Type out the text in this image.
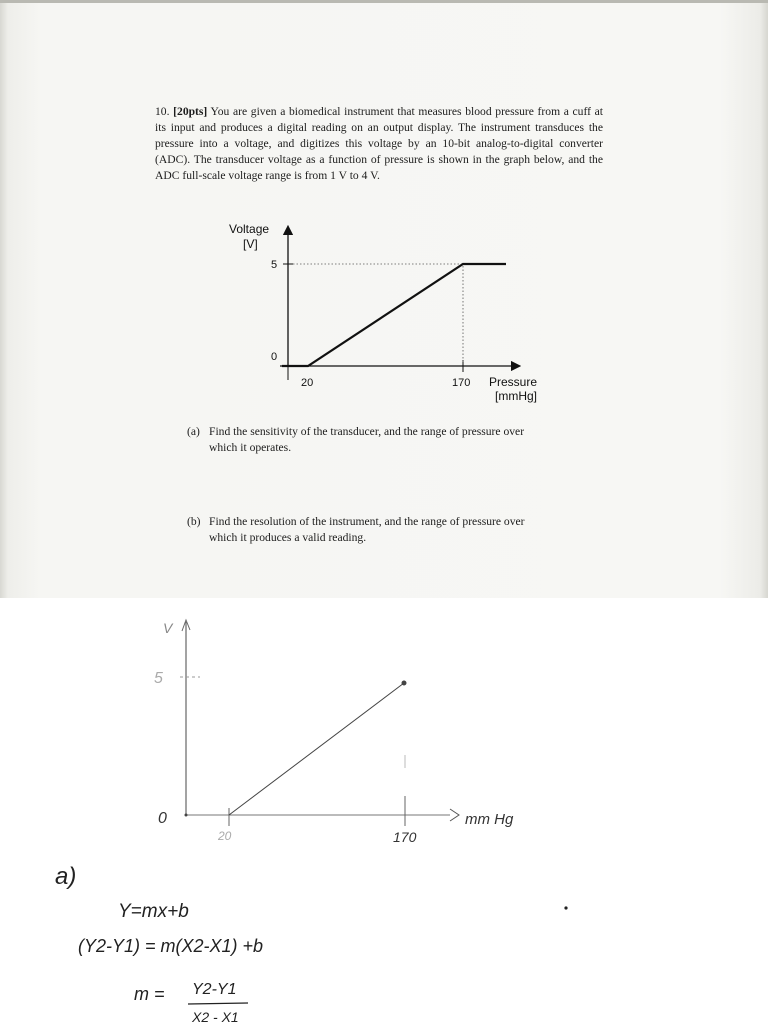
10. [20pts] You are given a biomedical instrument that measures blood pressure from a cuff at its input and produces a digital reading on an output display. The instrument transduces the pressure into a voltage, and digitizes this voltage by an 10-bit analog-to-digital converter (ADC). The transducer voltage as a function of pressure is shown in the graph below, and the ADC full-scale voltage range is from 1 V to 4 V.
Voltage
[V]
5
0
20	170 Pressure
[mmHg]
(a) Find the sensitivity of the transducer, and the range of pressure over
which it operates.
(b) Find the resolution of the instrument, and the range of pressure over
which it produces a valid reading.
V
5
0
20	170
mm Hg
a)
Y=mx+b
(Y2-Y1) = m(X2-X1) +b
m = Y2-Y1
X2 - X1
